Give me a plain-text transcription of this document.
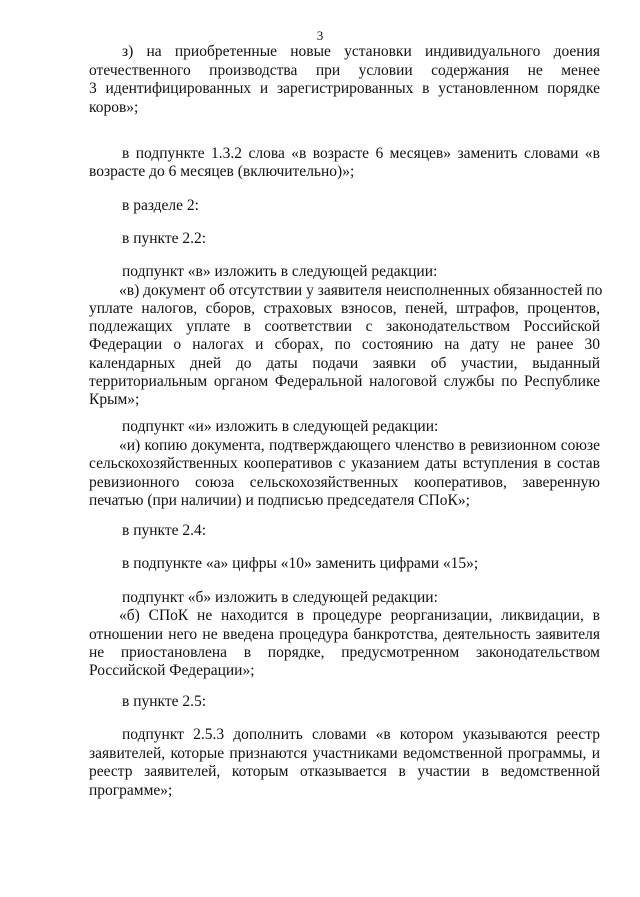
3
з) на приобретенные новые установки индивидуального доения
отечественного производства при условии содержания не менее
3 идентифицированных и зарегистрированных в установленном порядке
коров»;
в подпункте 1.3.2 слова «в возрасте 6 месяцев» заменить словами «в
возрасте до 6 месяцев (включительно)»;
в разделе 2:
в пункте 2.2:
подпункт «в» изложить в следующей редакции:
«в) документ об отсутствии у заявителя неисполненных обязанностей по
уплате налогов, сборов, страховых взносов, пеней, штрафов, процентов,
подлежащих уплате в соответствии с законодательством Российской
Федерации о налогах и сборах, по состоянию на дату не ранее 30
календарных дней до даты подачи заявки об участии, выданный
территориальным органом Федеральной налоговой службы по Республике
Крым»;
подпункт «и» изложить в следующей редакции:
«и) копию документа, подтверждающего членство в ревизионном союзе
сельскохозяйственных кооперативов с указанием даты вступления в состав
ревизионного союза сельскохозяйственных кооперативов, заверенную
печатью (при наличии) и подписью председателя СПоК»;
в пункте 2.4:
в подпункте «а» цифры «10» заменить цифрами «15»;
подпункт «б» изложить в следующей редакции:
«б) СПоК не находится в процедуре реорганизации, ликвидации, в
отношении него не введена процедура банкротства, деятельность заявителя
не приостановлена в порядке, предусмотренном законодательством
Российской Федерации»;
в пункте 2.5:
подпункт 2.5.3 дополнить словами «в котором указываются реестр
заявителей, которые признаются участниками ведомственной программы, и
реестр заявителей, которым отказывается в участии в ведомственной
программе»;
